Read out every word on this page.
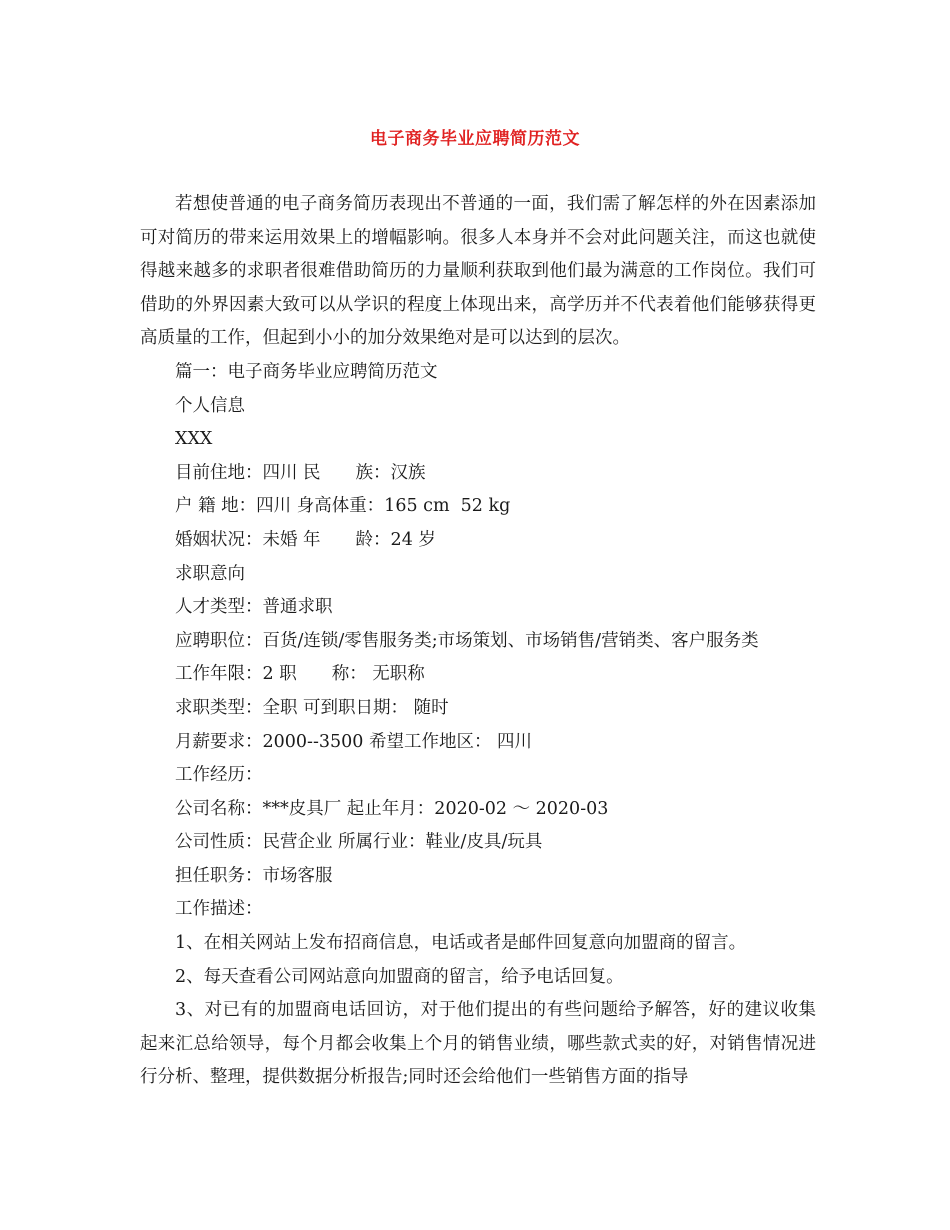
电子商务毕业应聘简历范文

若想使普通的电子商务简历表现出不普通的一面，我们需了解怎样的外在因素添加可对简历的带来运用效果上的增幅影响。很多人本身并不会对此问题关注，而这也就使得越来越多的求职者很难借助简历的力量顺利获取到他们最为满意的工作岗位。我们可借助的外界因素大致可以从学识的程度上体现出来，高学历并不代表着他们能够获得更高质量的工作，但起到小小的加分效果绝对是可以达到的层次。

篇一：电子商务毕业应聘简历范文

个人信息

XXX

目前住地：四川 民　　族：汉族

户 籍 地：四川 身高体重：165 cm  52 kg

婚姻状况：未婚 年　　龄：24 岁

求职意向

人才类型：普通求职

应聘职位：百货/连锁/零售服务类;市场策划、市场销售/营销类、客户服务类

工作年限：2 职　　称： 无职称

求职类型：全职 可到职日期： 随时

月薪要求：2000--3500 希望工作地区： 四川

工作经历：

公司名称：***皮具厂 起止年月：2020-02 ～ 2020-03

公司性质：民营企业 所属行业：鞋业/皮具/玩具

担任职务：市场客服

工作描述：

1、在相关网站上发布招商信息，电话或者是邮件回复意向加盟商的留言。

2、每天查看公司网站意向加盟商的留言，给予电话回复。

3、对已有的加盟商电话回访，对于他们提出的有些问题给予解答，好的建议收集起来汇总给领导，每个月都会收集上个月的销售业绩，哪些款式卖的好，对销售情况进行分析、整理，提供数据分析报告;同时还会给他们一些销售方面的指导
